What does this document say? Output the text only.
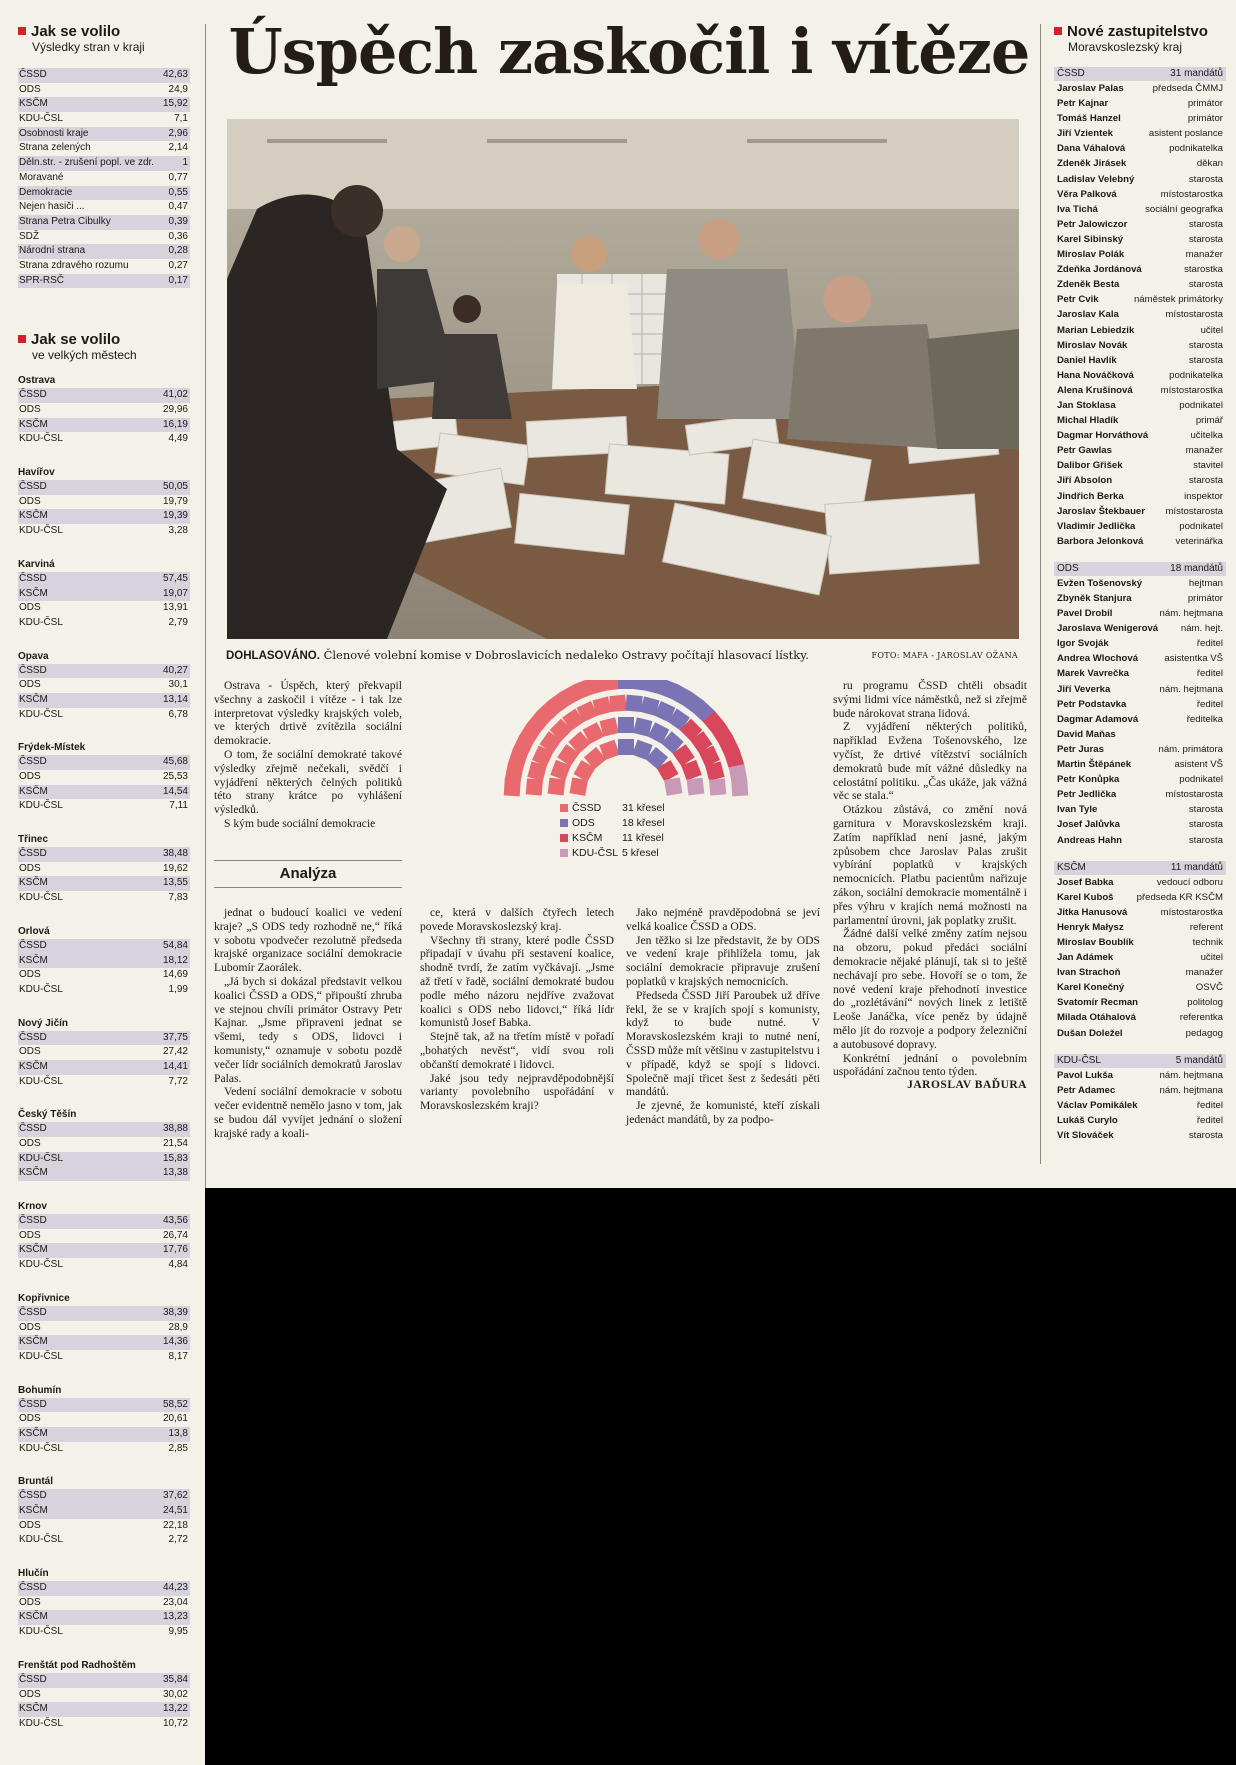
Jak se volilo
Výsledky stran v kraji
ČSSD	42,63
ODS	24,9
KSČM	15,92
KDU-ČSL	7,1
Osobnosti kraje	2,96
Strana zelených	2,14
Děln.str. - zrušení popl. ve zdr.	1
Moravané	0,77
Demokracie	0,55
Nejen hasiči ...	0,47
Strana Petra Cibulky	0,39
SDŽ	0,36
Národní strana	0,28
Strana zdravého rozumu	0,27
SPR-RSČ	0,17
Jak se volilo
ve velkých městech
Ostrava
ČSSD	41,02
ODS	29,96
KSČM	16,19
KDU-ČSL	4,49
Havířov
ČSSD	50,05
ODS	19,79
KSČM	19,39
KDU-ČSL	3,28
Karviná
ČSSD	57,45
KSČM	19,07
ODS	13,91
KDU-ČSL	2,79
Opava
ČSSD	40,27
ODS	30,1
KSČM	13,14
KDU-ČSL	6,78
Frýdek-Místek
ČSSD	45,68
ODS	25,53
KSČM	14,54
KDU-ČSL	7,11
Třinec
ČSSD	38,48
ODS	19,62
KSČM	13,55
KDU-ČSL	7,83
Orlová
ČSSD	54,84
KSČM	18,12
ODS	14,69
KDU-ČSL	1,99
Nový Jičín
ČSSD	37,75
ODS	27,42
KSČM	14,41
KDU-ČSL	7,72
Český Těšín
ČSSD	38,88
ODS	21,54
KDU-ČSL	15,83
KSČM	13,38
Krnov
ČSSD	43,56
ODS	26,74
KSČM	17,76
KDU-ČSL	4,84
Kopřivnice
ČSSD	38,39
ODS	28,9
KSČM	14,36
KDU-ČSL	8,17
Bohumín
ČSSD	58,52
ODS	20,61
KSČM	13,8
KDU-ČSL	2,85
Bruntál
ČSSD	37,62
KSČM	24,51
ODS	22,18
KDU-ČSL	2,72
Hlučín
ČSSD	44,23
ODS	23,04
KSČM	13,23
KDU-ČSL	9,95
Frenštát pod Radhoštěm
ČSSD	35,84
ODS	30,02
KSČM	13,22
KDU-ČSL	10,72
Úspěch zaskočil i vítěze
DOHLASOVÁNO. Členové volební komise v Dobroslavicích nedaleko Ostravy počítají hlasovací lístky.	FOTO: MAFA - JAROSLAV OŽANA

Ostrava - Úspěch, který překvapil všechny a zaskočil i vítěze - i tak lze interpretovat výsledky krajských voleb, ve kterých drtivě zvítězila sociální demokracie.

O tom, že sociální demokraté takové výsledky zřejmě nečekali, svědčí i vyjádření některých čelných politiků této strany krátce po vyhlášení výsledků.

S kým bude sociální demokracie

Analýza
ČSSD	31 křesel
ODS	18 křesel
KSČM	11 křesel
KDU-ČSL 5 křesel

jednat o budoucí koalici ve vedení kraje? „S ODS tedy rozhodně ne,“ říká v sobotu vpodvečer rezolutně předseda krajské organizace sociální demokracie Lubomír Zaorálek.

„Já bych si dokázal představit velkou koalici ČSSD a ODS,“ připouští zhruba ve stejnou chvíli primátor Ostravy Petr Kajnar. „Jsme připraveni jednat se všemi, tedy s ODS, lidovci i komunisty,“ oznamuje v sobotu pozdě večer lídr sociálních demokratů Jaroslav Palas.

Vedení sociální demokracie v sobotu večer evidentně nemělo jasno v tom, jak se budou dál vyvíjet jednání o složení krajské rady a koali-

ce, která v dalších čtyřech letech povede Moravskoslezský kraj.

Všechny tři strany, které podle ČSSD připadají v úvahu při sestavení koalice, shodně tvrdí, že zatím vyčkávají. „Jsme až třetí v řadě, sociální demokraté budou podle mého názoru nejdříve zvažovat koalici s ODS nebo lidovci,“ říká lídr komunistů Josef Babka.

Stejně tak, až na třetím místě v pořadí „bohatých nevěst“, vidí svou roli občanští demokraté i lidovci.

Jaké jsou tedy nejpravděpodobnější varianty povolebního uspořádání v Moravskoslezském kraji?

Jako nejméně pravděpodobná se jeví velká koalice ČSSD a ODS.

Jen těžko si lze představit, že by ODS ve vedení kraje přihlížela tomu, jak sociální demokracie připravuje zrušení poplatků v krajských nemocnicích.

Předseda ČSSD Jiří Paroubek už dříve řekl, že se v krajích spojí s komunisty, když to bude nutné. V Moravskoslezském kraji to nutné není, ČSSD může mít většinu v zastupitelstvu i v případě, když se spojí s lidovci. Společně mají třicet šest z šedesáti pěti mandátů.

Je zjevné, že komunisté, kteří získali jedenáct mandátů, by za podpo-

ru programu ČSSD chtěli obsadit svými lidmi více náměstků, než si zřejmě bude nárokovat strana lidová.

Z vyjádření některých politiků, například Evžena Tošenovského, lze vyčíst, že drtivé vítězství sociálních demokratů bude mít vážné důsledky na celostátní politiku. „Čas ukáže, jak vážná věc se stala.“

Otázkou zůstává, co změní nová garnitura v Moravskoslezském kraji. Zatím například není jasné, jakým způsobem chce Jaroslav Palas zrušit vybírání poplatků v krajských nemocnicích. Platbu pacientům nařizuje zákon, sociální demokracie momentálně i přes výhru v krajích nemá možnosti na parlamentní úrovni, jak poplatky zrušit.

Žádné další velké změny zatím nejsou na obzoru, pokud předáci sociální demokracie nějaké plánují, tak si to ještě nechávají pro sebe. Hovoří se o tom, že nové vedení kraje přehodnotí investice do „rozlétávání“ nových linek z letiště Leoše Janáčka, více peněz by údajně mělo jít do rozvoje a podpory železniční a autobusové dopravy.

Konkrétní jednání o povolebním uspořádání začnou tento týden.

JAROSLAV BAĎURA
Nové zastupitelstvo
Moravskoslezský kraj
ČSSD	31 mandátů
Jaroslav Palas	předseda ČMMJ
Petr Kajnar	primátor
Tomáš Hanzel	primátor
Jiří Vzientek	asistent poslance
Dana Váhalová	podnikatelka
Zdeněk Jirásek	děkan
Ladislav Velebný	starosta
Věra Palková	místostarostka
Iva Tichá	sociální geografka
Petr Jalowiczor	starosta
Karel Sibinský	starosta
Miroslav Polák	manažer
Zdeňka Jordánová	starostka
Zdeněk Besta	starosta
Petr Cvik	náměstek primátorky
Jaroslav Kala	místostarosta
Marian Lebiedzik	učitel
Miroslav Novák	starosta
Daniel Havlík	starosta
Hana Nováčková	podnikatelka
Alena Krušinová	místostarostka
Jan Stoklasa	podnikatel
Michal Hladík	primář
Dagmar Horváthová	učitelka
Petr Gawlas	manažer
Dalibor Gřišek	stavitel
Jiří Absolon	starosta
Jindřich Berka	inspektor
Jaroslav Štekbauer místostarosta
Vladimír Jedlička	podnikatel
Barbora Jelonková	veterinářka
ODS	18 mandátů
Evžen Tošenovský	hejtman
Zbyněk Stanjura	primátor
Pavel Drobil	nám. hejtmana
Jaroslava Wenigerová nám. hejt.
Igor Svoják	ředitel
Andrea Wlochová	asistentka VŠ
Marek Vavrečka	ředitel
Jiří Veverka	nám. hejtmana
Petr Podstavka	ředitel
Dagmar Adamová	ředitelka
David Maňas
Petr Juras	nám. primátora
Martin Štěpánek	asistent VŠ
Petr Konůpka	podnikatel
Petr Jedlička	místostarosta
Ivan Tyle	starosta
Josef Jalůvka	starosta
Andreas Hahn	starosta
KSČM	11 mandátů
Josef Babka	vedoucí odboru
Karel Kuboš předseda KR KSČM
Jitka Hanusová	místostarostka
Henryk Małysz	referent
Miroslav Boublík	technik
Jan Adámek	učitel
Ivan Strachoň	manažer
Karel Konečný	OSVČ
Svatomír Recman	politolog
Milada Otáhalová	referentka
Dušan Doležel	pedagog
KDU-ČSL	5 mandátů
Pavol Lukša	nám. hejtmana
Petr Adamec	nám. hejtmana
Václav Pomikálek	ředitel
Lukáš Curylo	ředitel
Vít Slováček	starosta
